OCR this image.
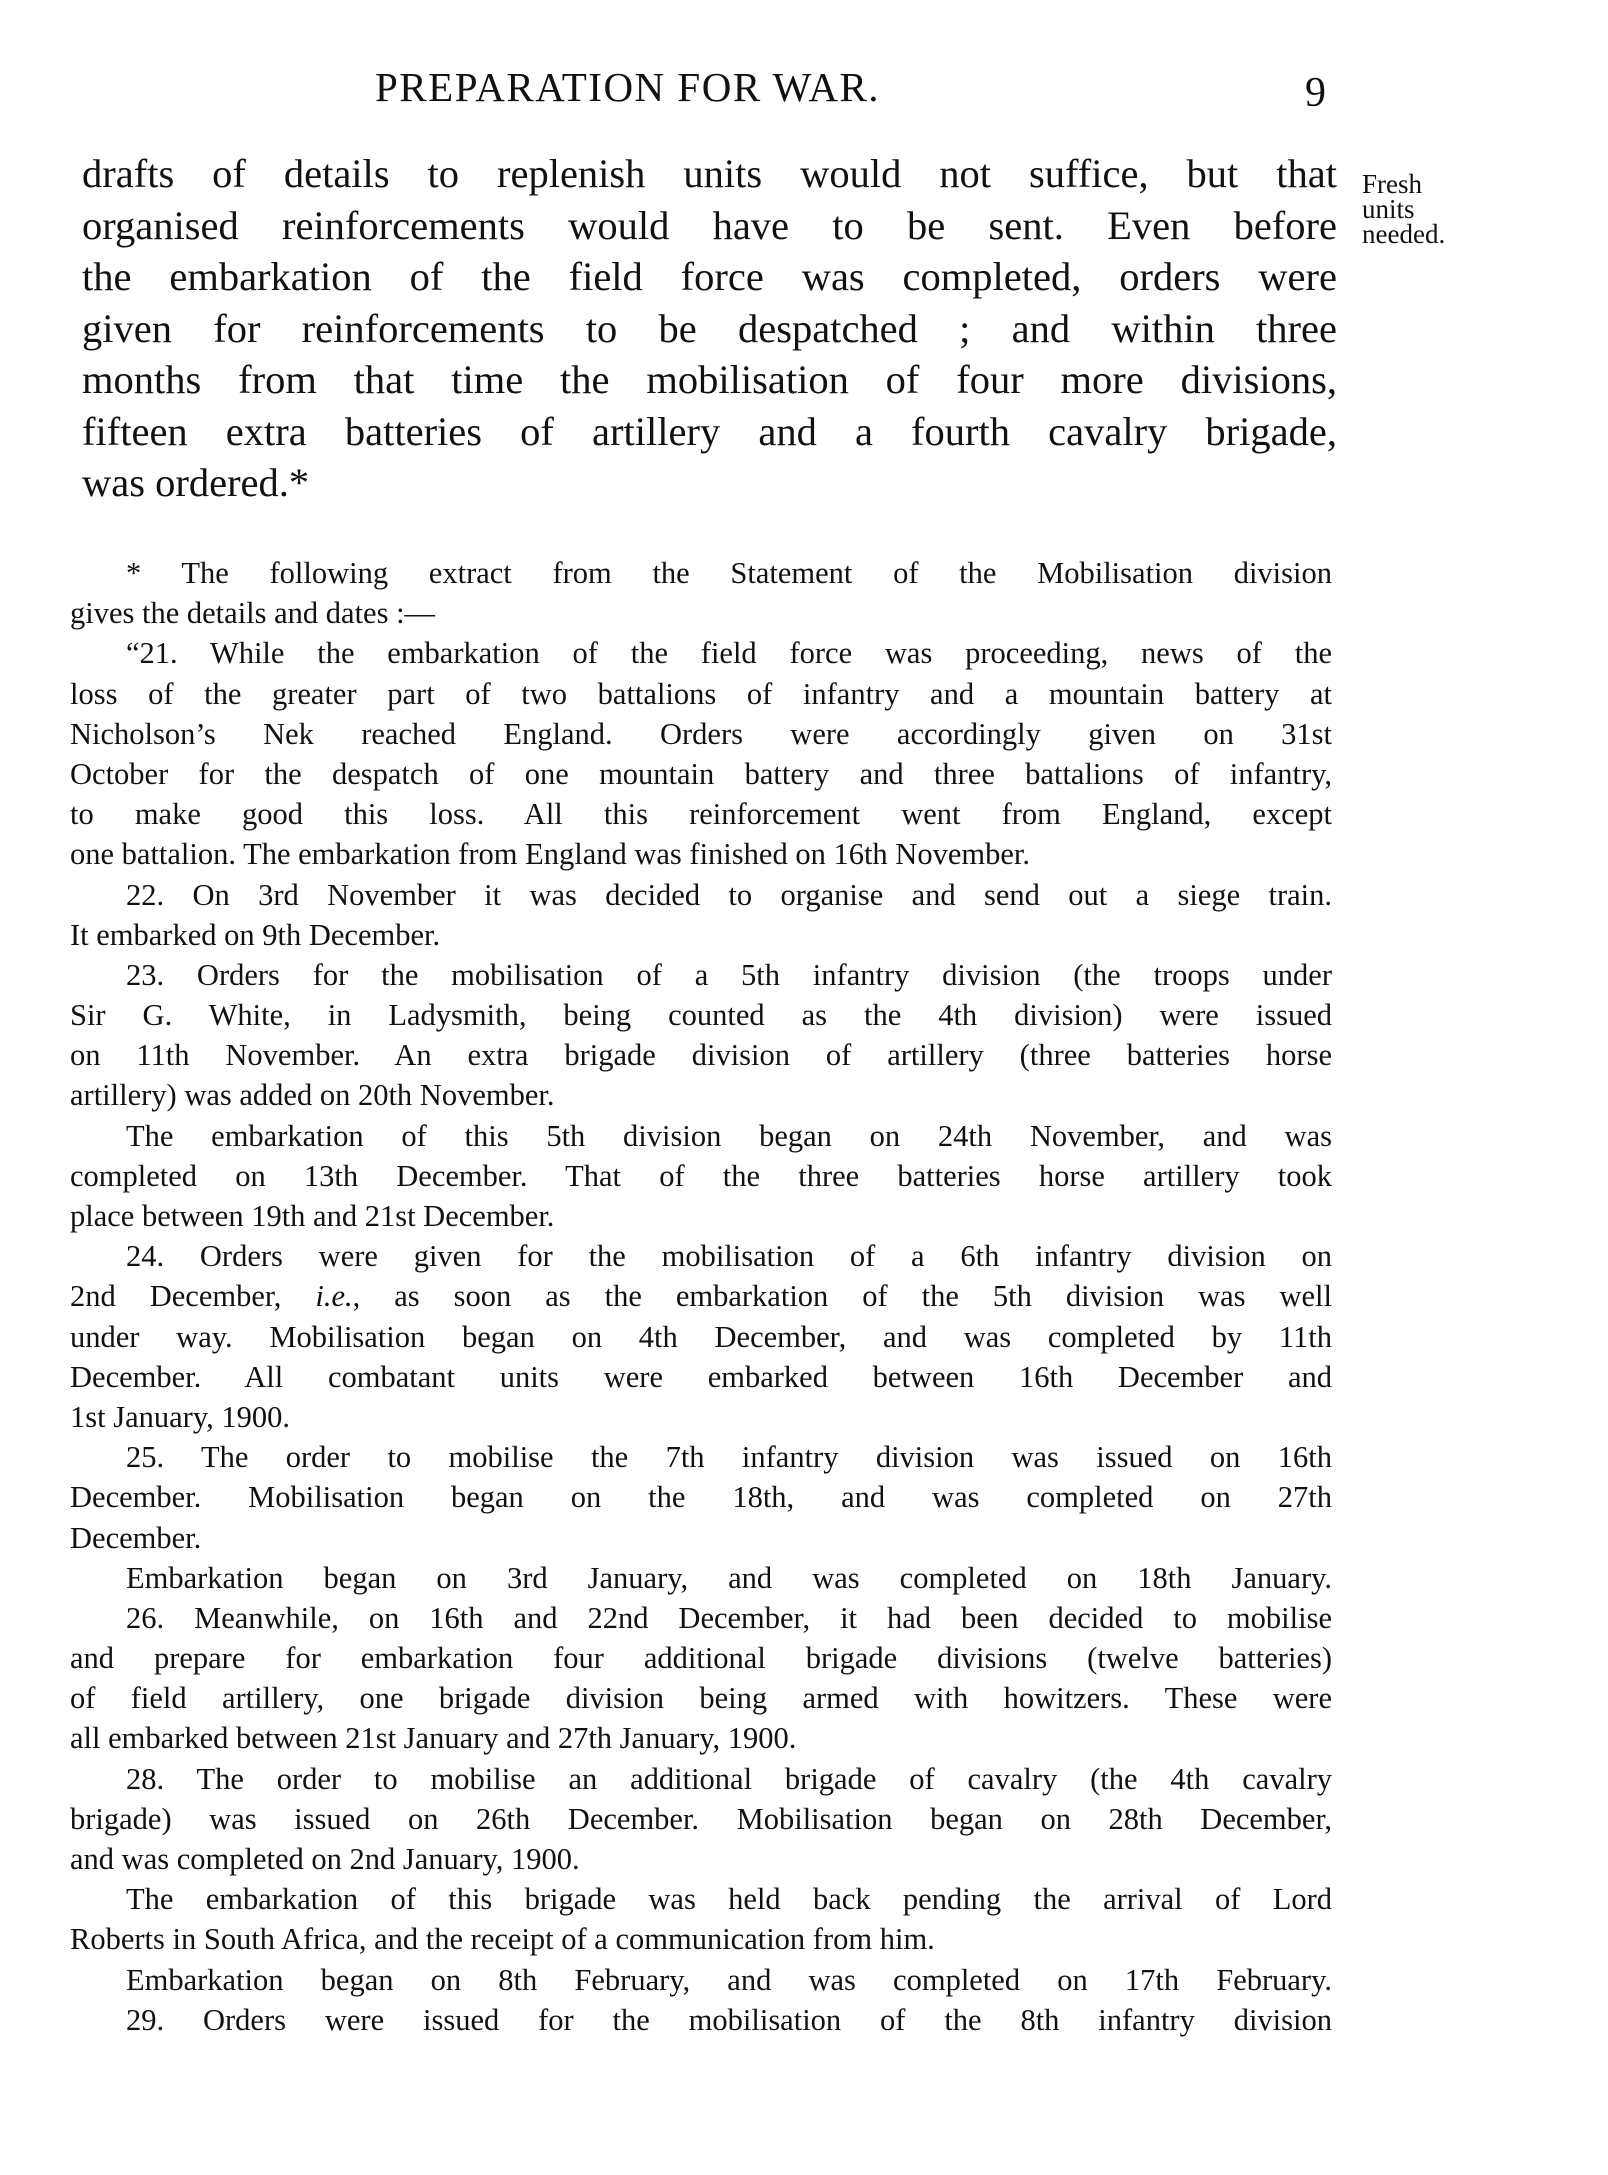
PREPARATION FOR WAR.	9
drafts of details to replenish units would not suffice, but that
organised reinforcements would have to be sent. Even before
the embarkation of the field force was completed, orders were
given for reinforcements to be despatched ; and within three
months from that time the mobilisation of four more divisions,
fifteen extra batteries of artillery and a fourth cavalry brigade,
was ordered.*
Fresh
units
needed.
* The following extract from the Statement of the Mobilisation division
gives the details and dates :—
“21. While the embarkation of the field force was proceeding, news of the
loss of the greater part of two battalions of infantry and a mountain battery at
Nicholson’s Nek reached England. Orders were accordingly given on 31st
October for the despatch of one mountain battery and three battalions of infantry,
to make good this loss. All this reinforcement went from England, except
one battalion. The embarkation from England was finished on 16th November.
22. On 3rd November it was decided to organise and send out a siege train.
It embarked on 9th December.
23. Orders for the mobilisation of a 5th infantry division (the troops under
Sir G. White, in Ladysmith, being counted as the 4th division) were issued
on 11th November. An extra brigade division of artillery (three batteries horse
artillery) was added on 20th November.
The embarkation of this 5th division began on 24th November, and was
completed on 13th December. That of the three batteries horse artillery took
place between 19th and 21st December.
24. Orders were given for the mobilisation of a 6th infantry division on
2nd December, i.e., as soon as the embarkation of the 5th division was well
under way. Mobilisation began on 4th December, and was completed by 11th
December. All combatant units were embarked between 16th December and
1st January, 1900.
25. The order to mobilise the 7th infantry division was issued on 16th
December. Mobilisation began on the 18th, and was completed on 27th
December.
Embarkation began on 3rd January, and was completed on 18th January.
26. Meanwhile, on 16th and 22nd December, it had been decided to mobilise
and prepare for embarkation four additional brigade divisions (twelve batteries)
of field artillery, one brigade division being armed with howitzers. These were
all embarked between 21st January and 27th January, 1900.
28. The order to mobilise an additional brigade of cavalry (the 4th cavalry
brigade) was issued on 26th December. Mobilisation began on 28th December,
and was completed on 2nd January, 1900.
The embarkation of this brigade was held back pending the arrival of Lord
Roberts in South Africa, and the receipt of a communication from him.
Embarkation began on 8th February, and was completed on 17th February.
29. Orders were issued for the mobilisation of the 8th infantry division
